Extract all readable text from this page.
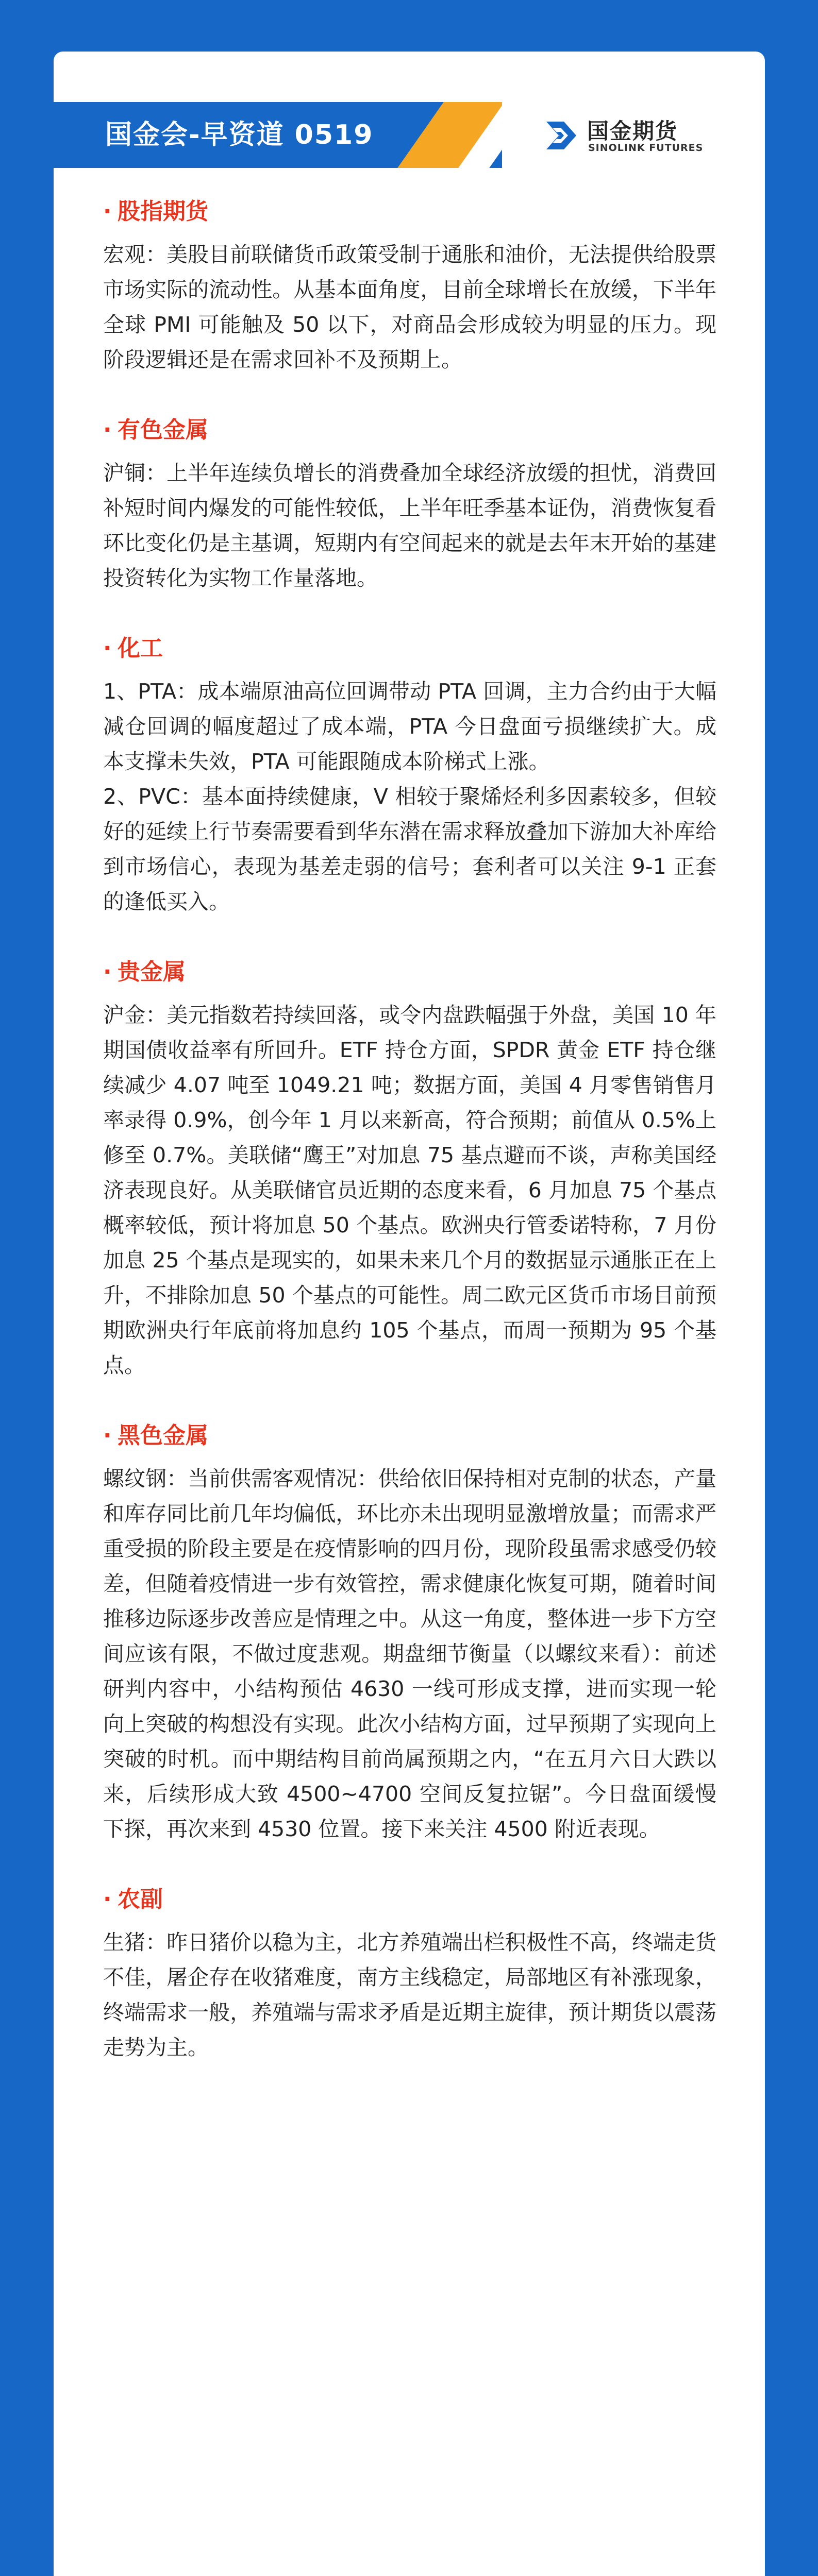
国金会-早资道 0519	国金期货
SINOLINK FUTURES
· 股指期货

宏观：美股目前联储货币政策受制于通胀和油价，无法提供给股票市场实际的流动性。从基本面角度，目前全球增长在放缓，下半年全球 PMI 可能触及 50 以下，对商品会形成较为明显的压力。现阶段逻辑还是在需求回补不及预期上。

· 有色金属

沪铜：上半年连续负增长的消费叠加全球经济放缓的担忧，消费回补短时间内爆发的可能性较低，上半年旺季基本证伪，消费恢复看环比变化仍是主基调，短期内有空间起来的就是去年末开始的基建投资转化为实物工作量落地。

· 化工

1、PTA：成本端原油高位回调带动 PTA 回调，主力合约由于大幅减仓回调的幅度超过了成本端，PTA 今日盘面亏损继续扩大。成本支撑未失效，PTA 可能跟随成本阶梯式上涨。

2、PVC：基本面持续健康，V 相较于聚烯烃利多因素较多，但较好的延续上行节奏需要看到华东潜在需求释放叠加下游加大补库给到市场信心，表现为基差走弱的信号；套利者可以关注 9-1 正套的逢低买入。

· 贵金属

沪金：美元指数若持续回落，或令内盘跌幅强于外盘，美国 10 年期国债收益率有所回升。ETF 持仓方面，SPDR 黄金 ETF 持仓继续减少 4.07 吨至 1049.21 吨；数据方面，美国 4 月零售销售月率录得 0.9%，创今年 1 月以来新高，符合预期；前值从 0.5%上修至 0.7%。美联储“鹰王”对加息 75 基点避而不谈，声称美国经济表现良好。从美联储官员近期的态度来看，6 月加息 75 个基点概率较低，预计将加息 50 个基点。欧洲央行管委诺特称，7 月份加息 25 个基点是现实的，如果未来几个月的数据显示通胀正在上升，不排除加息 50 个基点的可能性。周二欧元区货币市场目前预期欧洲央行年底前将加息约 105 个基点，而周一预期为 95 个基点。

· 黑色金属

螺纹钢：当前供需客观情况：供给依旧保持相对克制的状态，产量和库存同比前几年均偏低，环比亦未出现明显激增放量；而需求严重受损的阶段主要是在疫情影响的四月份，现阶段虽需求感受仍较差，但随着疫情进一步有效管控，需求健康化恢复可期，随着时间推移边际逐步改善应是情理之中。从这一角度，整体进一步下方空间应该有限，不做过度悲观。期盘细节衡量（以螺纹来看）：前述研判内容中，小结构预估 4630 一线可形成支撑，进而实现一轮向上突破的构想没有实现。此次小结构方面，过早预期了实现向上突破的时机。而中期结构目前尚属预期之内，“在五月六日大跌以来，后续形成大致 4500~4700 空间反复拉锯”。今日盘面缓慢下探，再次来到 4530 位置。接下来关注 4500 附近表现。

· 农副

生猪：昨日猪价以稳为主，北方养殖端出栏积极性不高，终端走货不佳，屠企存在收猪难度，南方主线稳定，局部地区有补涨现象，终端需求一般，养殖端与需求矛盾是近期主旋律，预计期货以震荡走势为主。
